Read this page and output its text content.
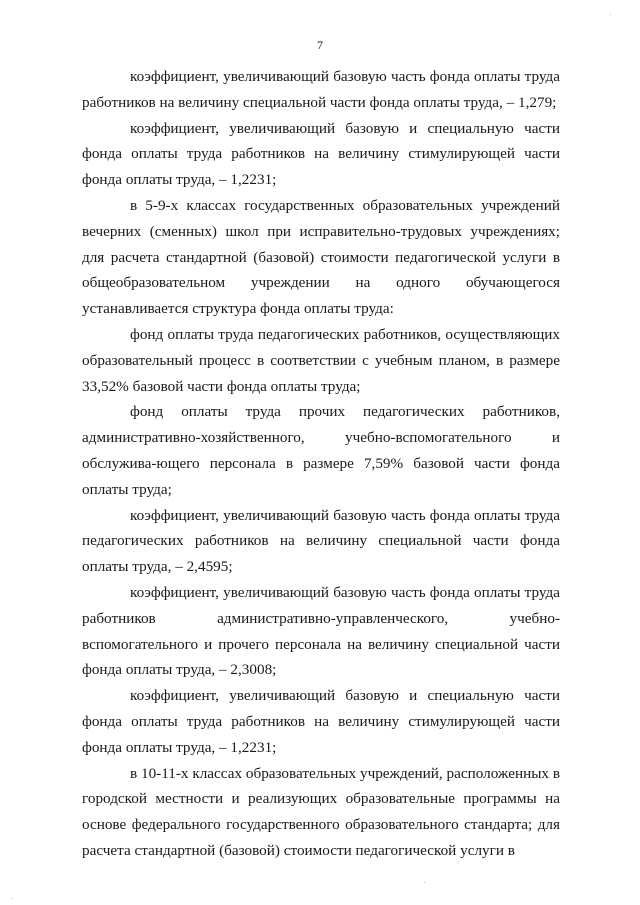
7

коэффициент, увеличивающий базовую часть фонда оплаты труда работников на величину специальной части фонда оплаты труда, – 1,279;

коэффициент, увеличивающий базовую и специальную части фонда оплаты труда работников на величину стимулирующей части фонда оплаты труда, – 1,2231;

в 5-9-х классах государственных образовательных учреждений вечерних (сменных) школ при исправительно-трудовых учреждениях; для расчета стандартной (базовой) стоимости педагогической услуги в общеобразовательном учреждении на одного обучающегося устанавливается структура фонда оплаты труда:

фонд оплаты труда педагогических работников, осуществляющих образовательный процесс в соответствии с учебным планом, в размере 33,52% базовой части фонда оплаты труда;

фонд оплаты труда прочих педагогических работников, административно-хозяйственного, учебно-вспомогательного и обслужива-ющего персонала в размере 7,59% базовой части фонда оплаты труда;

коэффициент, увеличивающий базовую часть фонда оплаты труда педагогических работников на величину специальной части фонда оплаты труда, – 2,4595;

коэффициент, увеличивающий базовую часть фонда оплаты труда работников административно-управленческого, учебно-вспомогательного и прочего персонала на величину специальной части фонда оплаты труда, – 2,3008;

коэффициент, увеличивающий базовую и специальную части фонда оплаты труда работников на величину стимулирующей части фонда оплаты труда, – 1,2231;

в 10-11-х классах образовательных учреждений, расположенных в городской местности и реализующих образовательные программы на основе федерального государственного образовательного стандарта; для расчета стандартной (базовой) стоимости педагогической услуги в
